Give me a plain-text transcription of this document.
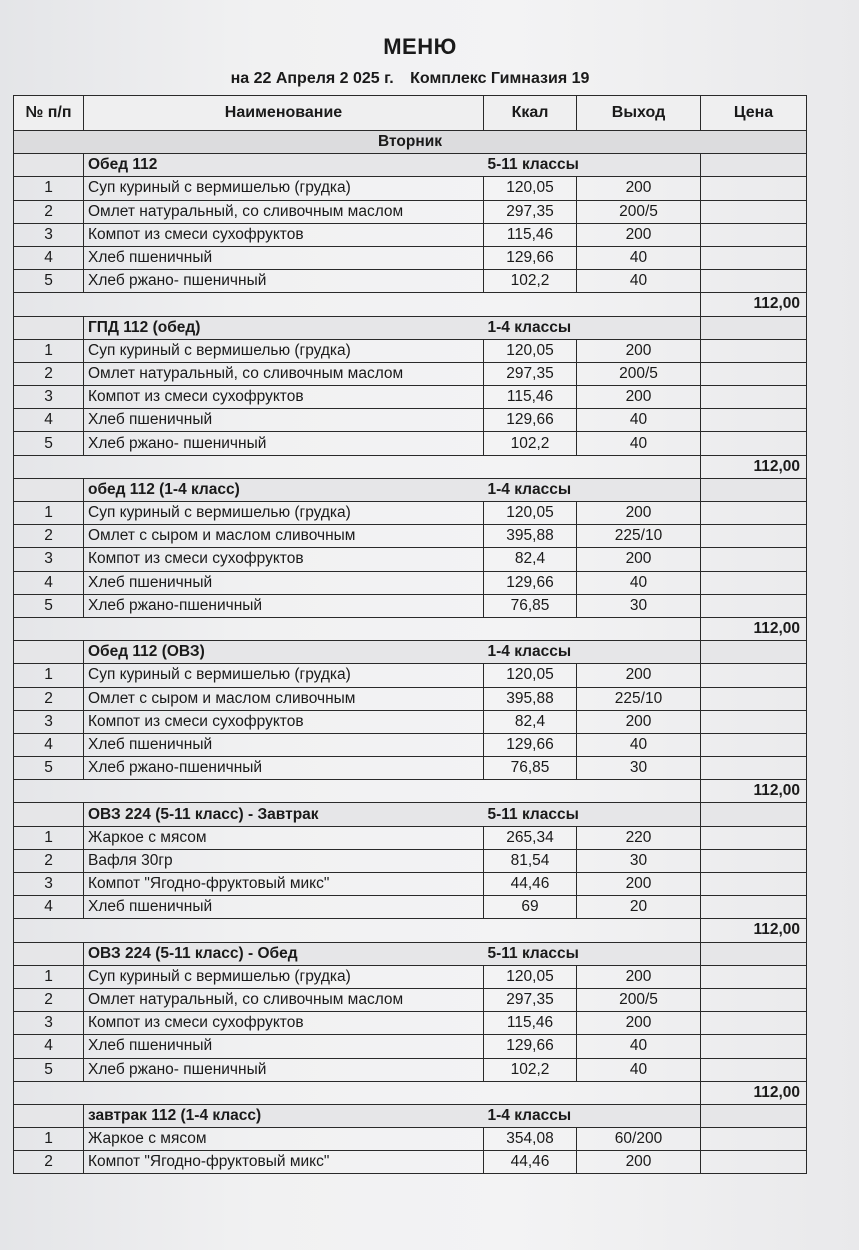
МЕНЮ
на 22 Апреля 2 025 г. Комплекс Гимназия 19
№ п/п	Наименование	Ккал	Выход	Цена
Вторник				
	Обед 112	5-11 классы		
1	Суп куриный с вермишелью (грудка)	120,05	200	
2	Омлет натуральный, со сливочным маслом	297,35	200/5	
3	Компот из смеси сухофруктов	115,46	200	
4	Хлеб пшеничный	129,66	40	
5	Хлеб ржано- пшеничный	102,2	40	
				112,00
	ГПД 112 (обед)	1-4 классы		
1	Суп куриный с вермишелью (грудка)	120,05	200	
2	Омлет натуральный, со сливочным маслом	297,35	200/5	
3	Компот из смеси сухофруктов	115,46	200	
4	Хлеб пшеничный	129,66	40	
5	Хлеб ржано- пшеничный	102,2	40	
				112,00
	обед 112 (1-4 класс)	1-4 классы		
1	Суп куриный с вермишелью (грудка)	120,05	200	
2	Омлет с сыром и маслом сливочным	395,88	225/10	
3	Компот из смеси сухофруктов	82,4	200	
4	Хлеб пшеничный	129,66	40	
5	Хлеб ржано-пшеничный	76,85	30	
				112,00
	Обед 112 (ОВЗ)	1-4 классы		
1	Суп куриный с вермишелью (грудка)	120,05	200	
2	Омлет с сыром и маслом сливочным	395,88	225/10	
3	Компот из смеси сухофруктов	82,4	200	
4	Хлеб пшеничный	129,66	40	
5	Хлеб ржано-пшеничный	76,85	30	
				112,00
	ОВЗ 224 (5-11 класс) - Завтрак	5-11 классы		
1	Жаркое с мясом	265,34	220	
2	Вафля 30гр	81,54	30	
3	Компот "Ягодно-фруктовый микс"	44,46	200	
4	Хлеб пшеничный	69	20	
				112,00
	ОВЗ 224 (5-11 класс) - Обед	5-11 классы		
1	Суп куриный с вермишелью (грудка)	120,05	200	
2	Омлет натуральный, со сливочным маслом	297,35	200/5	
3	Компот из смеси сухофруктов	115,46	200	
4	Хлеб пшеничный	129,66	40	
5	Хлеб ржано- пшеничный	102,2	40	
				112,00
	завтрак 112 (1-4 класс)	1-4 классы		
1	Жаркое с мясом	354,08	60/200	
2	Компот "Ягодно-фруктовый микс"	44,46	200	
